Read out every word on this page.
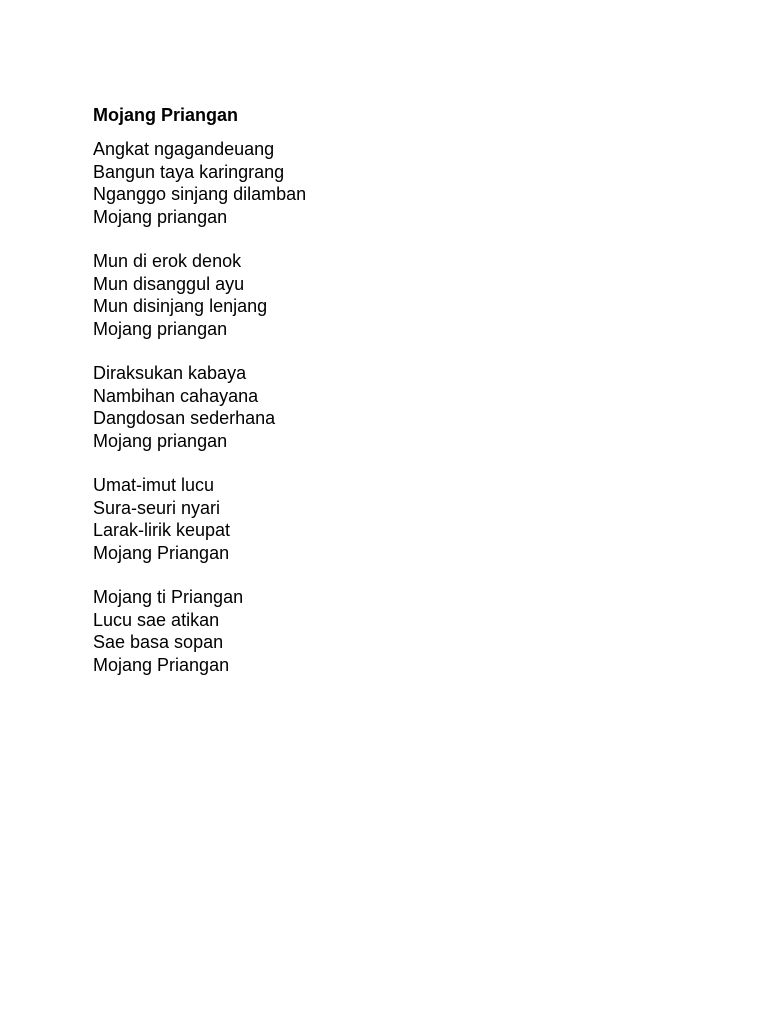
Mojang Priangan
Angkat ngagandeuang
Bangun taya karingrang
Nganggo sinjang dilamban
Mojang priangan
Mun di erok denok
Mun disanggul ayu
Mun disinjang lenjang
Mojang priangan
Diraksukan kabaya
Nambihan cahayana
Dangdosan sederhana
Mojang priangan
Umat-imut lucu
Sura-seuri nyari
Larak-lirik keupat
Mojang Priangan
Mojang ti Priangan
Lucu sae atikan
Sae basa sopan
Mojang Priangan
